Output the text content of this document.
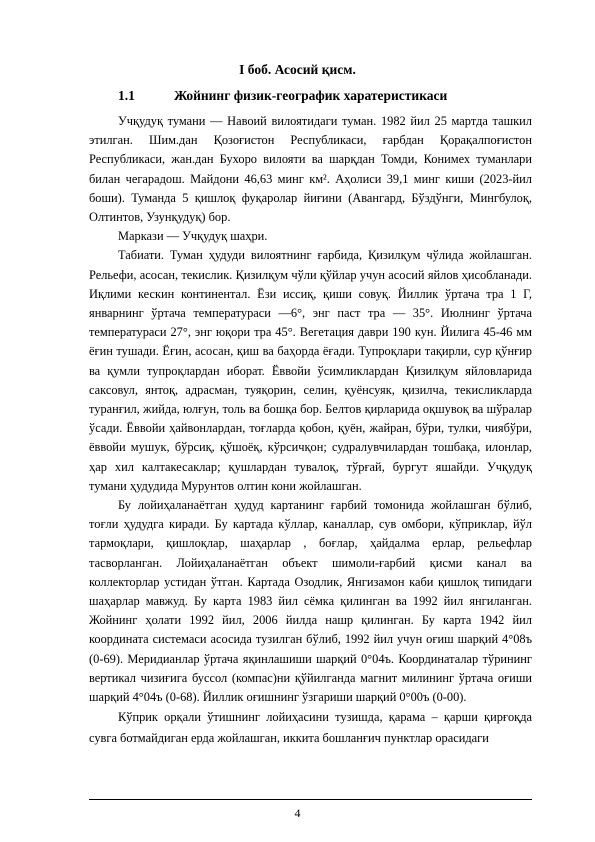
I боб. Асосий қисм.
1.1	Жойнинг физик-географик харатеристикаси

Учқудуқ тумани — Навоий вилоятидаги туман. 1982 йил 25 мартда ташкил этилган. Шим.дан Қозоғистон Республикаси, ғарбдан Қорақалпоғистон Республикаси, жан.дан Бухоро вилояти ва шарқдан Томди, Конимех туманлари билан чегарадош. Майдони 46,63 минг км². Аҳолиси 39,1 минг киши (2023-йил боши). Туманда 5 қишлоқ фуқаролар йиғини (Авангард, Бўздўнги, Мингбулоқ, Олтинтов, Узунқудуқ) бор.

Маркази — Учқудуқ шаҳри.

Табиати. Туман ҳудуди вилоятнинг ғарбида, Қизилқум чўлида жойлашган. Рельефи, асосан, текислик. Қизилқум чўли қўйлар учун асосий яйлов ҳисобланади. Иқлими кескин континентал. Ёзи иссиқ, қиши совуқ. Йиллик ўртача тра 1 Г, январнинг ўртача температураси —6°, энг паст тра — 35°. Июлнинг ўртача температураси 27°, энг юқори тра 45°. Вегетация даври 190 кун. Йилига 45-46 мм ёғин тушади. Ёғин, асосан, қиш ва баҳорда ёғади. Тупроқлари тақирли, сур қўнғир ва қумли тупроқлардан иборат. Ёввойи ўсимликлардан Қизилқум яйловларида саксовул, янтоқ, адрасман, туяқорин, селин, қуёнсуяк, қизилча, текисликларда туранғил, жийда, юлғун, толь ва бошқа бор. Белтов қирларида оқшувоқ ва шўралар ўсади. Ёввойи ҳайвонлардан, тоғларда қобон, қуён, жайран, бўри, тулки, чиябўри, ёввойи мушук, бўрсиқ, қўшоёқ, кўрсичқон; судралувчилардан тошбақа, илонлар, ҳар хил калтакесаклар; қушлардан тувалоқ, тўрғай, бургут яшайди. Учқудуқ тумани ҳудудида Мурунтов олтин кони жойлашган.

Бу лойиҳаланаётган ҳудуд картанинг ғарбий томонида жойлашган бўлиб, тоғли ҳудудга киради. Бу картада кўллар, каналлар, сув омбори, кўприклар, йўл тармоқлари, қишлоқлар, шаҳарлар , боғлар, ҳайдалма ерлар, рельефлар тасворланган. Лойиҳаланаётган объект шимоли-ғарбий қисми канал ва коллекторлар устидан ўтган. Картада Озодлик, Янгизамон каби қишлоқ типидаги шаҳарлар мавжуд. Бу карта 1983 йил сёмка қилинган ва 1992 йил янгиланган. Жойнинг ҳолати 1992 йил, 2006 йилда нашр қилинган. Бу карта 1942 йил координата системаси асосида тузилган бўлиб, 1992 йил учун оғиш шарқий 4°08ъ (0-69). Меридианлар ўртача яқинлашиши шарқий 0°04ъ. Координаталар тўрининг вертикал чизиғига буссол (компас)ни қўйилганда магнит милининг ўртача оғиши шарқий 4°04ъ (0-68). Йиллик оғишнинг ўзгариши шарқий 0°00ъ (0-00).

Кўприк орқали ўтишнинг лойиҳасини тузишда, қарама – қарши қирғоқда сувга ботмайдиган ерда жойлашган, иккита бошланғич пунктлар орасидаги

4
